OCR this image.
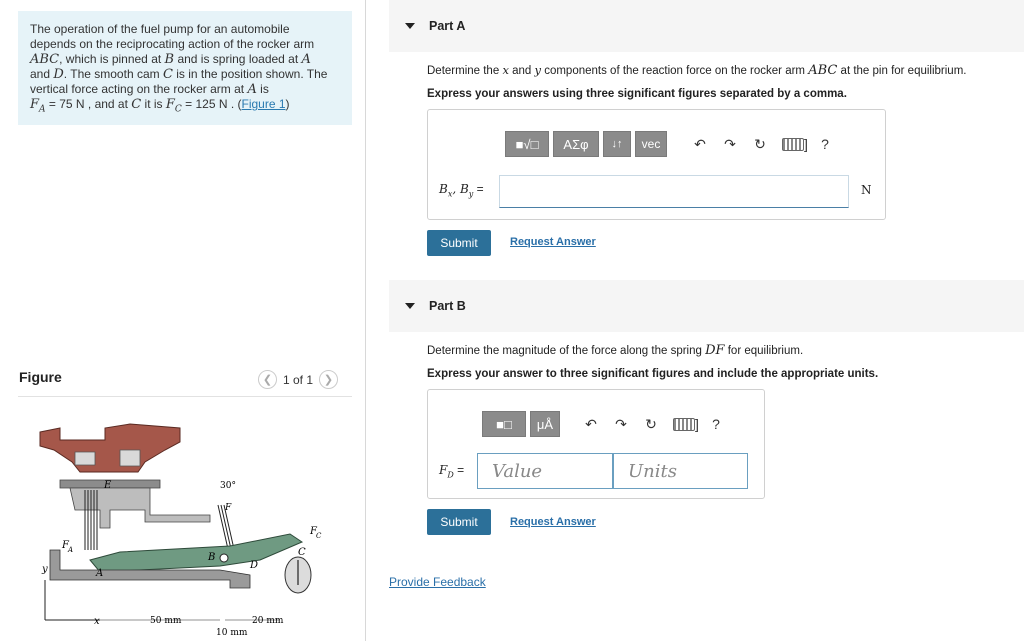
The operation of the fuel pump for an automobile
depends on the reciprocating action of the rocker arm
ABC, which is pinned at B and is spring loaded at A
and D. The smooth cam C is in the position shown. The
vertical force acting on the rocker arm at A is
$F_A = 75$ N , and at C it is $F_C = 125$ N . (Figure 1)
Figure	❮ 1 of 1 ❯
E	30°
F
F C
F A
B	C
D
A
y
x	50 mm	20 mm
10 mm
Part A
Determine the x and y components of the reaction force on the rocker arm ABC at the pin for equilibrium.
Express your answers using three significant figures separated by a comma.
■√□	ΑΣφ	↓↑	vec	↶	↷	↻	] ?
$B_x$, $B_y$ =	N
Submit	Request Answer
Part B
Determine the magnitude of the force along the spring DF for equilibrium.
Express your answer to three significant figures and include the appropriate units.
■□	μÅ	↶	↷	↻	] ?
$F_D$ =	Value	Units
Submit	Request Answer
Provide Feedback
